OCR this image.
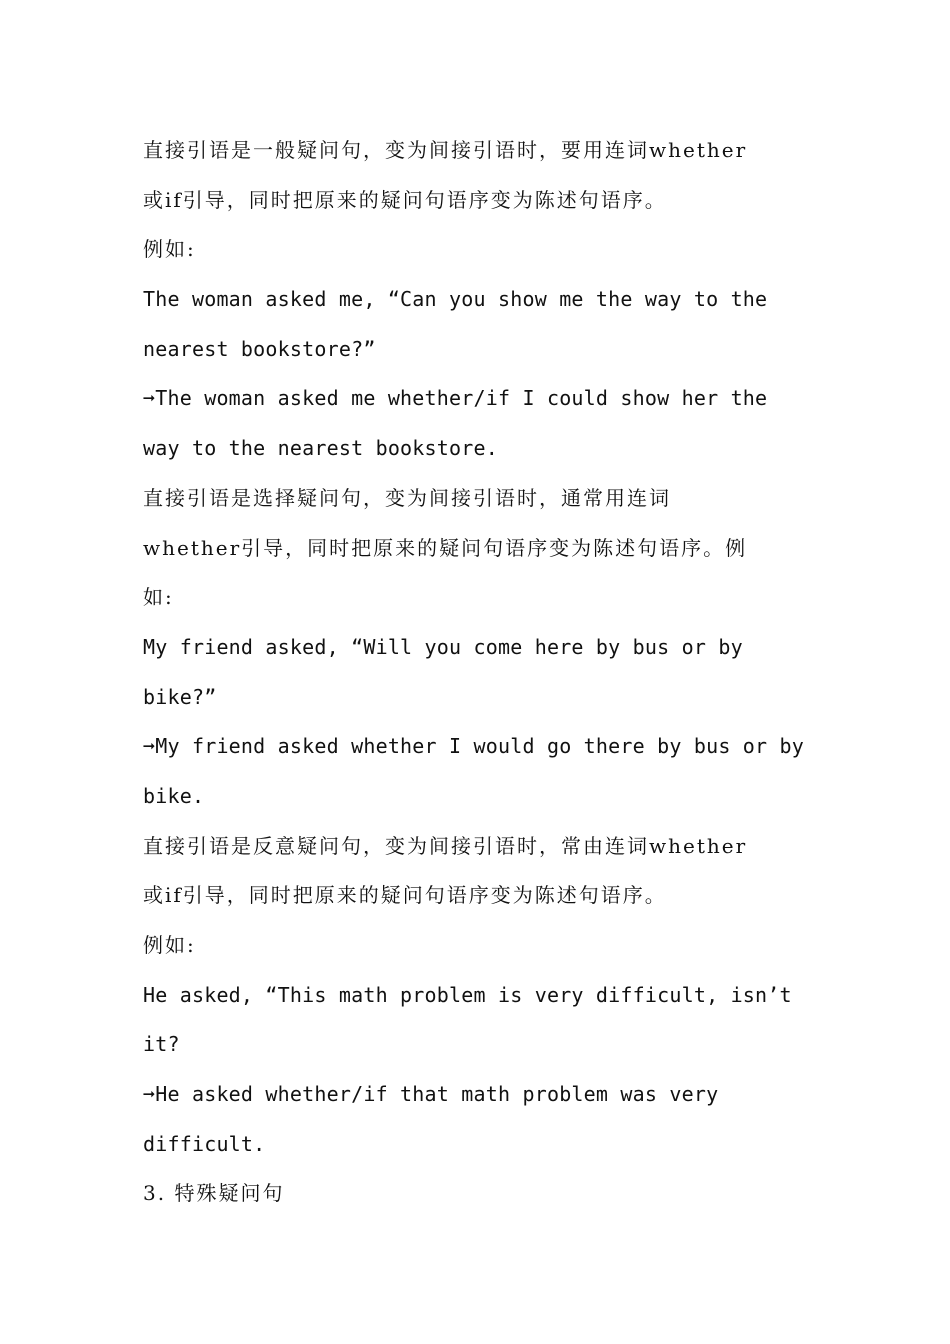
直接引语是一般疑问句，变为间接引语时，要用连词whether
或if引导，同时把原来的疑问句语序变为陈述句语序。
例如:
The woman asked me, “Can you show me the way to the
nearest bookstore?”
➞The woman asked me whether/if I could show her the
way to the nearest bookstore.
直接引语是选择疑问句，变为间接引语时，通常用连词
whether引导，同时把原来的疑问句语序变为陈述句语序。例
如:
My friend asked, “Will you come here by bus or by
bike?”
➞My friend asked whether I would go there by bus or by
bike.
直接引语是反意疑问句，变为间接引语时，常由连词whether
或if引导，同时把原来的疑问句语序变为陈述句语序。
例如:
He asked, “This math problem is very difficult, isn’t
it?
➞He asked whether/if that math problem was very
difficult.
3. 特殊疑问句
